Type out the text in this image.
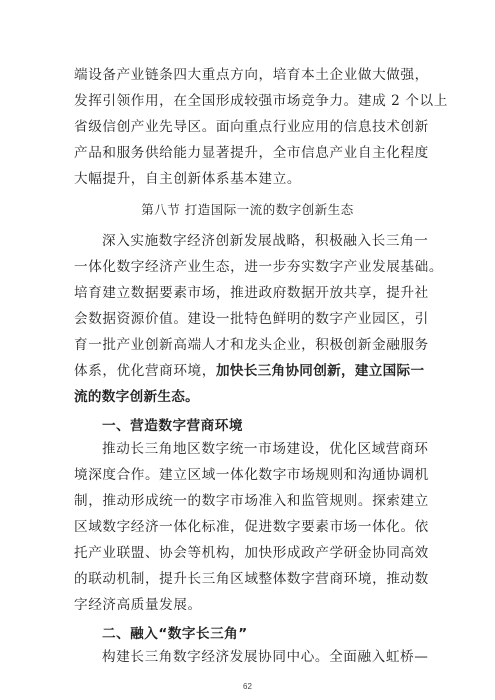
端设备产业链条四大重点方向，培育本土企业做大做强，
发挥引领作用，在全国形成较强市场竞争力。建成 2 个以上
省级信创产业先导区。面向重点行业应用的信息技术创新
产品和服务供给能力显著提升，全市信息产业自主化程度
大幅提升，自主创新体系基本建立。
第八节 打造国际一流的数字创新生态
深入实施数字经济创新发展战略，积极融入长三角一
一体化数字经济产业生态，进一步夯实数字产业发展基础。
培育建立数据要素市场，推进政府数据开放共享，提升社
会数据资源价值。建设一批特色鲜明的数字产业园区，引
育一批产业创新高端人才和龙头企业，积极创新金融服务
体系，优化营商环境，加快长三角协同创新，建立国际一
流的数字创新生态。
一、营造数字营商环境
推动长三角地区数字统一市场建设，优化区域营商环
境深度合作。建立区域一体化数字市场规则和沟通协调机
制，推动形成统一的数字市场准入和监管规则。探索建立
区域数字经济一体化标准，促进数字要素市场一体化。依
托产业联盟、协会等机构，加快形成政产学研金协同高效
的联动机制，提升长三角区域整体数字营商环境，推动数
字经济高质量发展。
二、融入“数字长三角”
构建长三角数字经济发展协同中心。全面融入虹桥—
62
